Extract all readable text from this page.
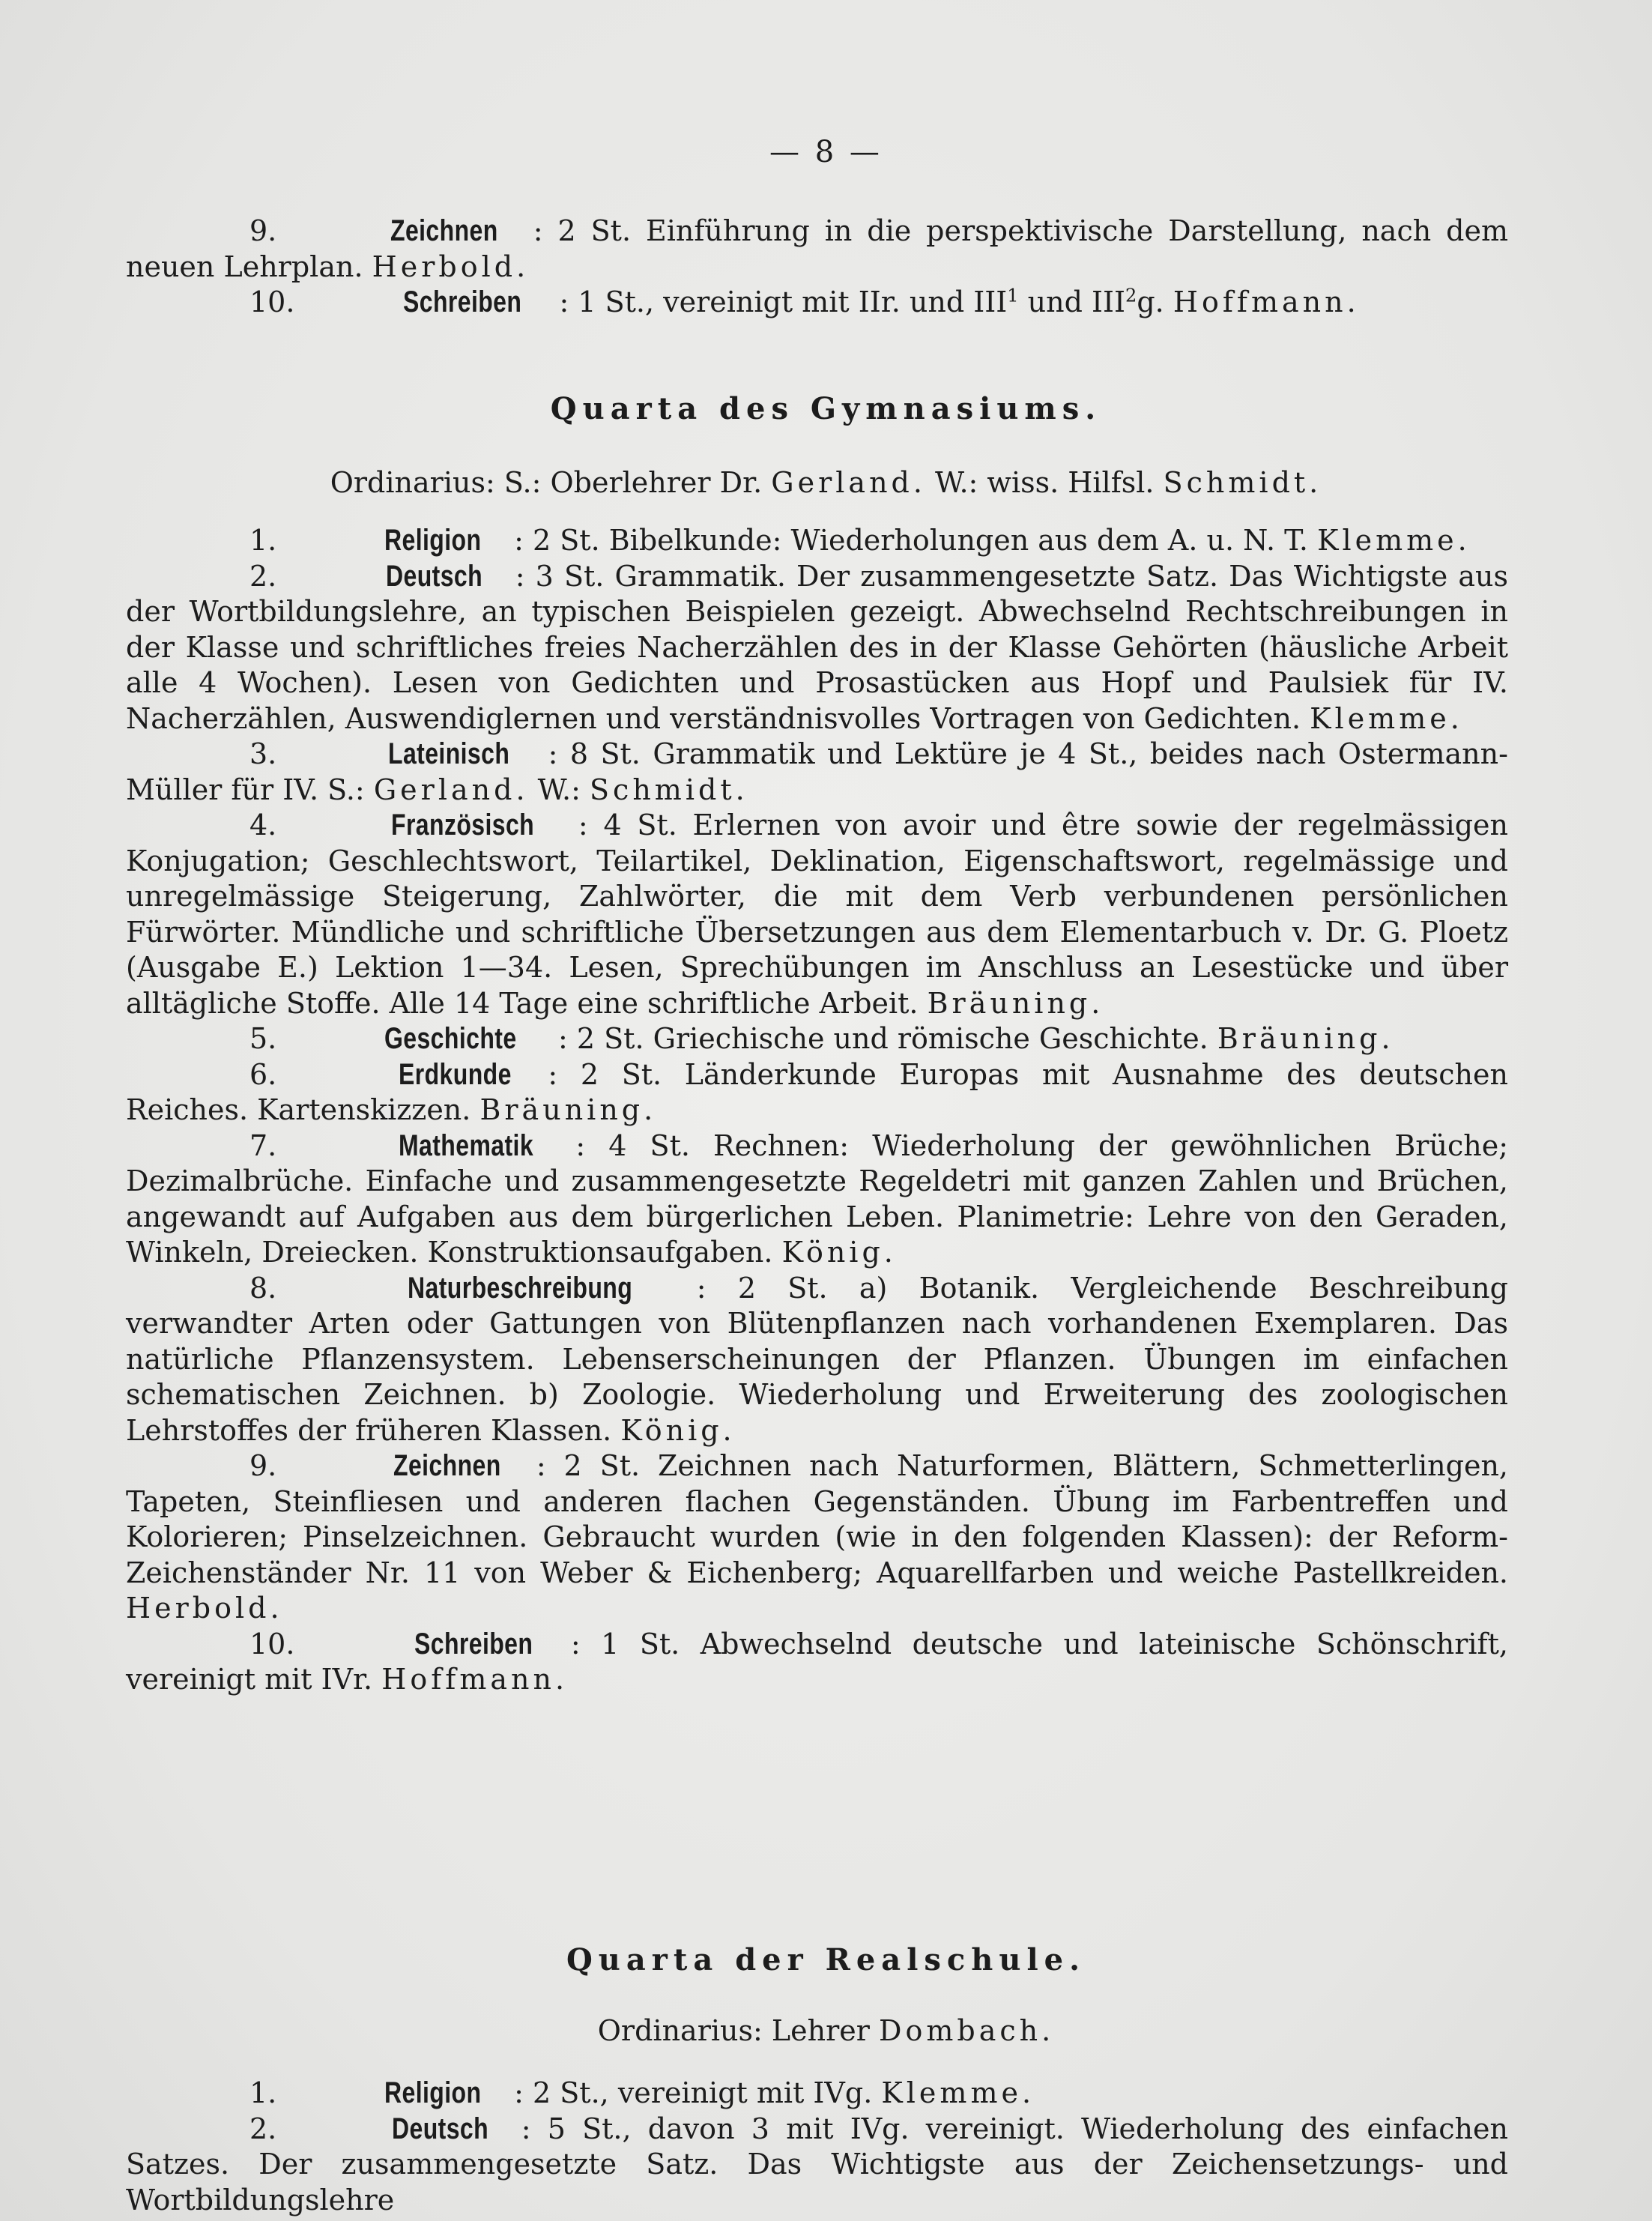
— 8 —
9.	Zeichnen : 2 St. Einführung in die perspektivische Darstellung, nach dem neuen Lehrplan. Herbold.
10.	Schreiben : 1 St., vereinigt mit IIr. und III$^1$ und III$^2$g. Hoffmann.
Quarta des Gymnasiums.
Ordinarius: S.: Oberlehrer Dr. Gerland. W.: wiss. Hilfsl. Schmidt.
1.	Religion : 2 St. Bibelkunde: Wiederholungen aus dem A. u. N. T. Klemme.
2.	Deutsch : 3 St. Grammatik. Der zusammengesetzte Satz. Das Wichtigste aus der Wortbildungslehre, an typischen Beispielen gezeigt. Abwechselnd Rechtschreibungen in der Klasse und schriftliches freies Nacherzählen des in der Klasse Gehörten (häusliche Arbeit alle 4 Wochen). Lesen von Gedichten und Prosastücken aus Hopf und Paulsiek für IV. Nacherzählen, Auswendiglernen und verständnisvolles Vortragen von Gedichten. Klemme.
3.	Lateinisch : 8 St. Grammatik und Lektüre je 4 St., beides nach Ostermann-Müller für IV. S.: Gerland. W.: Schmidt.
4.	Französisch : 4 St. Erlernen von avoir und être sowie der regelmässigen Konjugation; Geschlechtswort, Teilartikel, Deklination, Eigenschaftswort, regelmässige und unregelmässige Steigerung, Zahlwörter, die mit dem Verb verbundenen persönlichen Fürwörter. Mündliche und schriftliche Übersetzungen aus dem Elementarbuch v. Dr. G. Ploetz (Ausgabe E.) Lektion 1—34. Lesen, Sprechübungen im Anschluss an Lesestücke und über alltägliche Stoffe. Alle 14 Tage eine schriftliche Arbeit. Bräuning.
5.	Geschichte : 2 St. Griechische und römische Geschichte. Bräuning.
6.	Erdkunde : 2 St. Länderkunde Europas mit Ausnahme des deutschen Reiches. Kartenskizzen. Bräuning.
7.	Mathematik : 4 St. Rechnen: Wiederholung der gewöhnlichen Brüche; Dezimalbrüche. Einfache und zusammengesetzte Regeldetri mit ganzen Zahlen und Brüchen, angewandt auf Aufgaben aus dem bürgerlichen Leben. Planimetrie: Lehre von den Geraden, Winkeln, Dreiecken. Konstruktionsaufgaben. König.
8.	Naturbeschreibung : 2 St. a) Botanik. Vergleichende Beschreibung verwandter Arten oder Gattungen von Blütenpflanzen nach vorhandenen Exemplaren. Das natürliche Pflanzensystem. Lebenserscheinungen der Pflanzen. Übungen im einfachen schematischen Zeichnen. b) Zoologie. Wiederholung und Erweiterung des zoologischen Lehrstoffes der früheren Klassen. König.
9.	Zeichnen : 2 St. Zeichnen nach Naturformen, Blättern, Schmetterlingen, Tapeten, Steinfliesen und anderen flachen Gegenständen. Übung im Farbentreffen und Kolorieren; Pinselzeichnen. Gebraucht wurden (wie in den folgenden Klassen): der Reform-Zeichenständer Nr. 11 von Weber & Eichenberg; Aquarellfarben und weiche Pastellkreiden. Herbold.
10.	Schreiben : 1 St. Abwechselnd deutsche und lateinische Schönschrift, vereinigt mit IVr. Hoffmann.
Quarta der Realschule.
Ordinarius: Lehrer Dombach.
1.	Religion : 2 St., vereinigt mit IVg. Klemme.
2.	Deutsch : 5 St., davon 3 mit IVg. vereinigt. Wiederholung des einfachen Satzes. Der zusammengesetzte Satz. Das Wichtigste aus der Zeichensetzungs- und Wortbildungslehre
